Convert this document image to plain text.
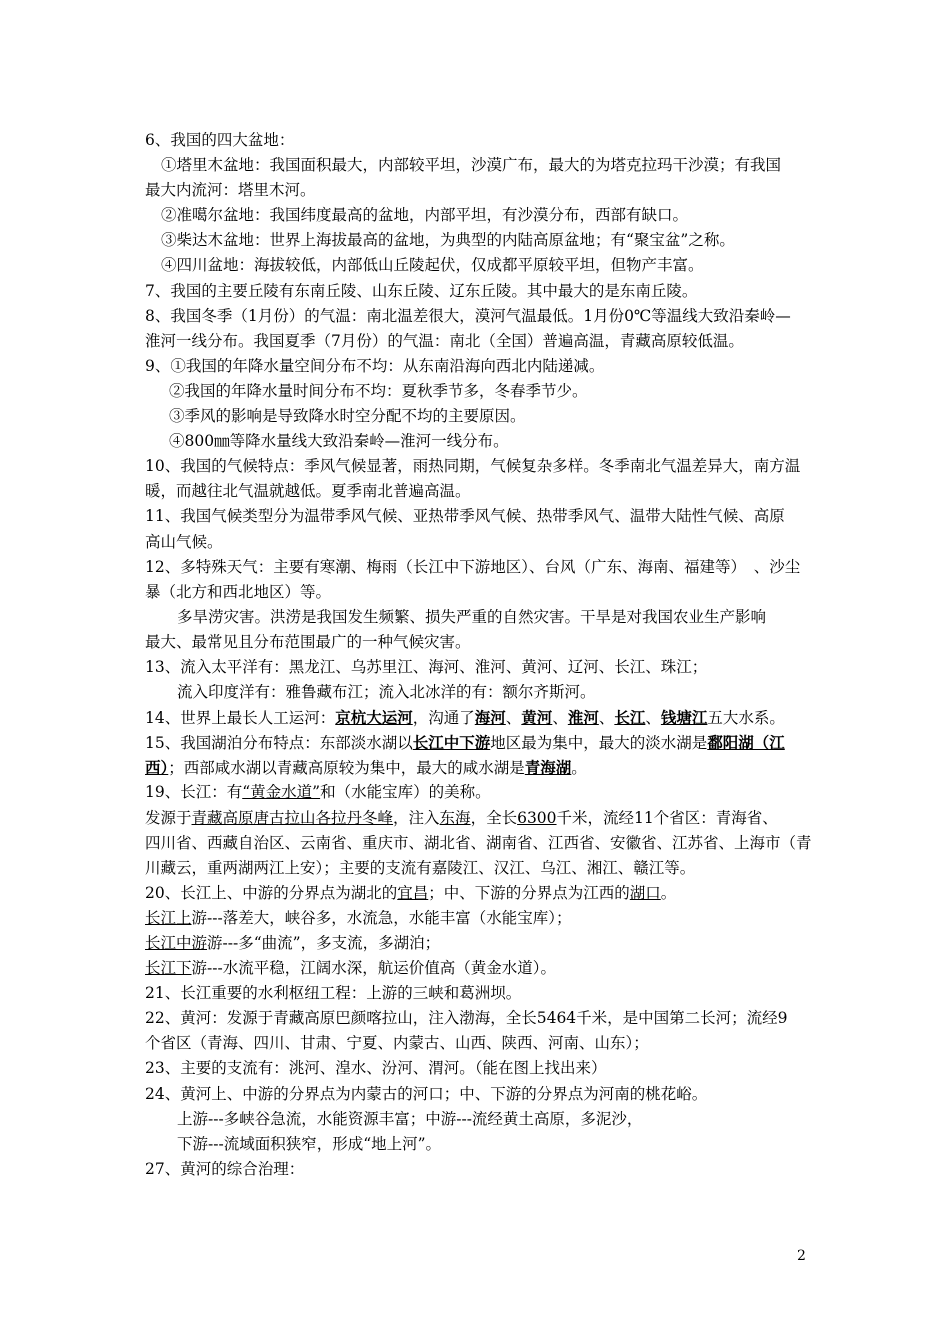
6、我国的四大盆地：
①塔里木盆地：我国面积最大，内部较平坦，沙漠广布，最大的为塔克拉玛干沙漠；有我国
最大内流河：塔里木河。
②准噶尔盆地：我国纬度最高的盆地，内部平坦，有沙漠分布，西部有缺口。
③柴达木盆地：世界上海拔最高的盆地，为典型的内陆高原盆地；有“聚宝盆”之称。
④四川盆地：海拔较低，内部低山丘陵起伏，仅成都平原较平坦，但物产丰富。
7、我国的主要丘陵有东南丘陵、山东丘陵、辽东丘陵。其中最大的是东南丘陵。
8、我国冬季（1月份）的气温：南北温差很大，漠河气温最低。1月份0℃等温线大致沿秦岭—
淮河一线分布。我国夏季（7月份）的气温：南北（全国）普遍高温，青藏高原较低温。
9、①我国的年降水量空间分布不均：从东南沿海向西北内陆递减。
②我国的年降水量时间分布不均：夏秋季节多，冬春季节少。
③季风的影响是导致降水时空分配不均的主要原因。
④800㎜等降水量线大致沿秦岭—淮河一线分布。
10、我国的气候特点：季风气候显著，雨热同期，气候复杂多样。冬季南北气温差异大，南方温
暖，而越往北气温就越低。夏季南北普遍高温。
11、我国气候类型分为温带季风气候、亚热带季风气候、热带季风气、温带大陆性气候、高原
高山气候。
12、多特殊天气：主要有寒潮、梅雨（长江中下游地区）、台风（广东、海南、福建等）　、沙尘
暴（北方和西北地区）等。
多旱涝灾害。洪涝是我国发生频繁、损失严重的自然灾害。干旱是对我国农业生产影响
最大、最常见且分布范围最广的一种气候灾害。
13、流入太平洋有：黑龙江、乌苏里江、海河、淮河、黄河、辽河、长江、珠江；
流入印度洋有：雅鲁藏布江；流入北冰洋的有：额尔齐斯河。
14、世界上最长人工运河：京杭大运河，沟通了海河、黄河、淮河、长江、钱塘江五大水系。
15、我国湖泊分布特点：东部淡水湖以长江中下游地区最为集中，最大的淡水湖是鄱阳湖（江
西）；西部咸水湖以青藏高原较为集中，最大的咸水湖是青海湖。
19、长江：有“黄金水道”和（水能宝库）的美称。
发源于青藏高原唐古拉山各拉丹冬峰，注入东海，全长6300千米，流经11个省区：青海省、
四川省、西藏自治区、云南省、重庆市、湖北省、湖南省、江西省、安徽省、江苏省、上海市（青
川藏云，重两湖两江上安）；主要的支流有嘉陵江、汉江、乌江、湘江、赣江等。
20、长江上、中游的分界点为湖北的宜昌；中、下游的分界点为江西的湖口。
长江上游---落差大，峡谷多，水流急，水能丰富（水能宝库）；
长江中游游---多“曲流”，多支流，多湖泊；
长江下游---水流平稳，江阔水深，航运价值高（黄金水道）。
21、长江重要的水利枢纽工程：上游的三峡和葛洲坝。
22、黄河：发源于青藏高原巴颜喀拉山，注入渤海，全长5464千米，是中国第二长河；流经9
个省区（青海、四川、甘肃、宁夏、内蒙古、山西、陕西、河南、山东）；
23、主要的支流有：洮河、湟水、汾河、渭河。（能在图上找出来）
24、黄河上、中游的分界点为内蒙古的河口；中、下游的分界点为河南的桃花峪。
上游---多峡谷急流，水能资源丰富；中游---流经黄土高原，多泥沙，
下游---流域面积狭窄，形成“地上河”。
27、黄河的综合治理：
2
